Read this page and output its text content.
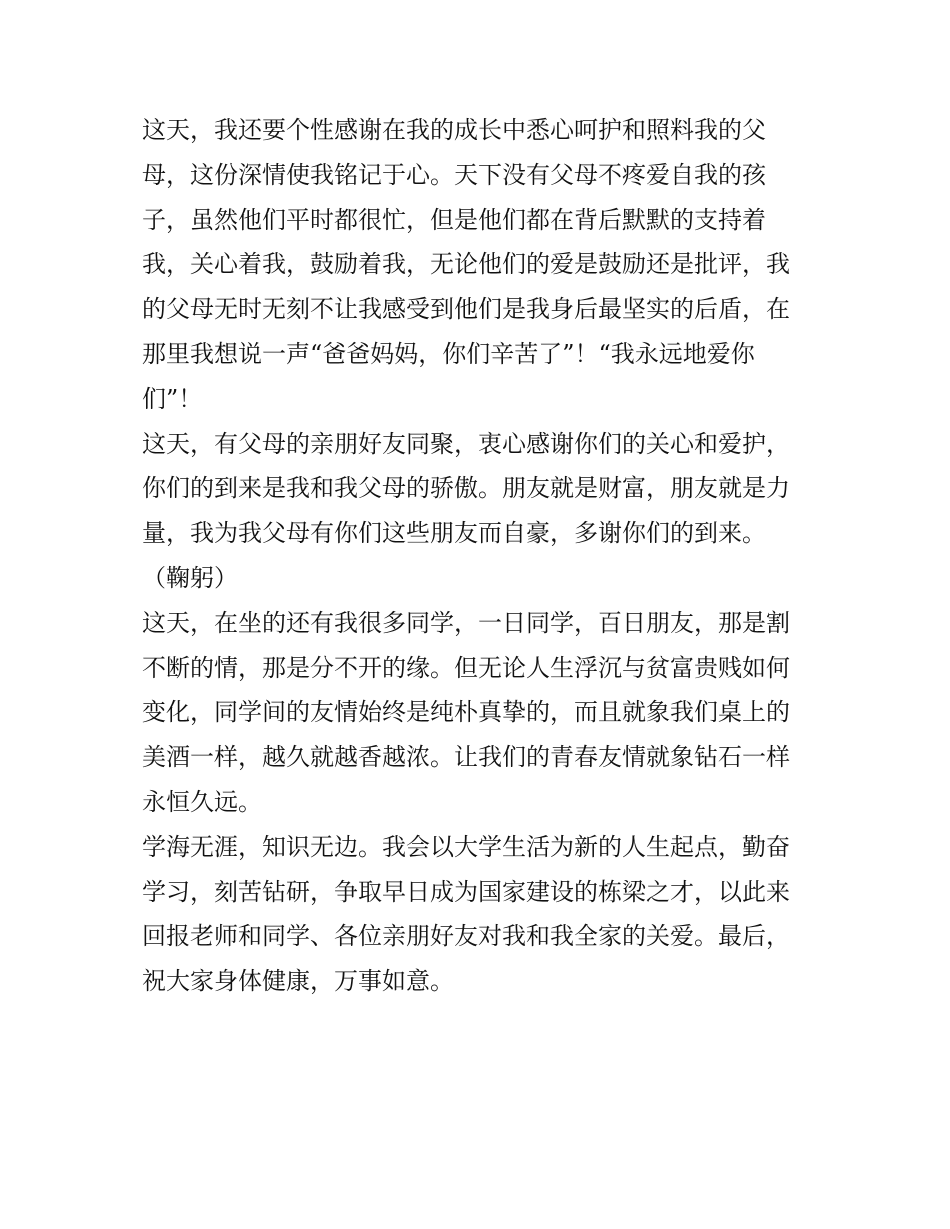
这天，我还要个性感谢在我的成长中悉心呵护和照料我的父
母，这份深情使我铭记于心。天下没有父母不疼爱自我的孩
子，虽然他们平时都很忙，但是他们都在背后默默的支持着
我，关心着我，鼓励着我，无论他们的爱是鼓励还是批评，我
的父母无时无刻不让我感受到他们是我身后最坚实的后盾，在
那里我想说一声“爸爸妈妈，你们辛苦了”！“我永远地爱你
们”！
这天，有父母的亲朋好友同聚，衷心感谢你们的关心和爱护，
你们的到来是我和我父母的骄傲。朋友就是财富，朋友就是力
量，我为我父母有你们这些朋友而自豪，多谢你们的到来。
（鞠躬）
这天，在坐的还有我很多同学，一日同学，百日朋友，那是割
不断的情，那是分不开的缘。但无论人生浮沉与贫富贵贱如何
变化，同学间的友情始终是纯朴真挚的，而且就象我们桌上的
美酒一样，越久就越香越浓。让我们的青春友情就象钻石一样
永恒久远。
学海无涯，知识无边。我会以大学生活为新的人生起点，勤奋
学习，刻苦钻研，争取早日成为国家建设的栋梁之才，以此来
回报老师和同学、各位亲朋好友对我和我全家的关爱。最后，
祝大家身体健康，万事如意。
